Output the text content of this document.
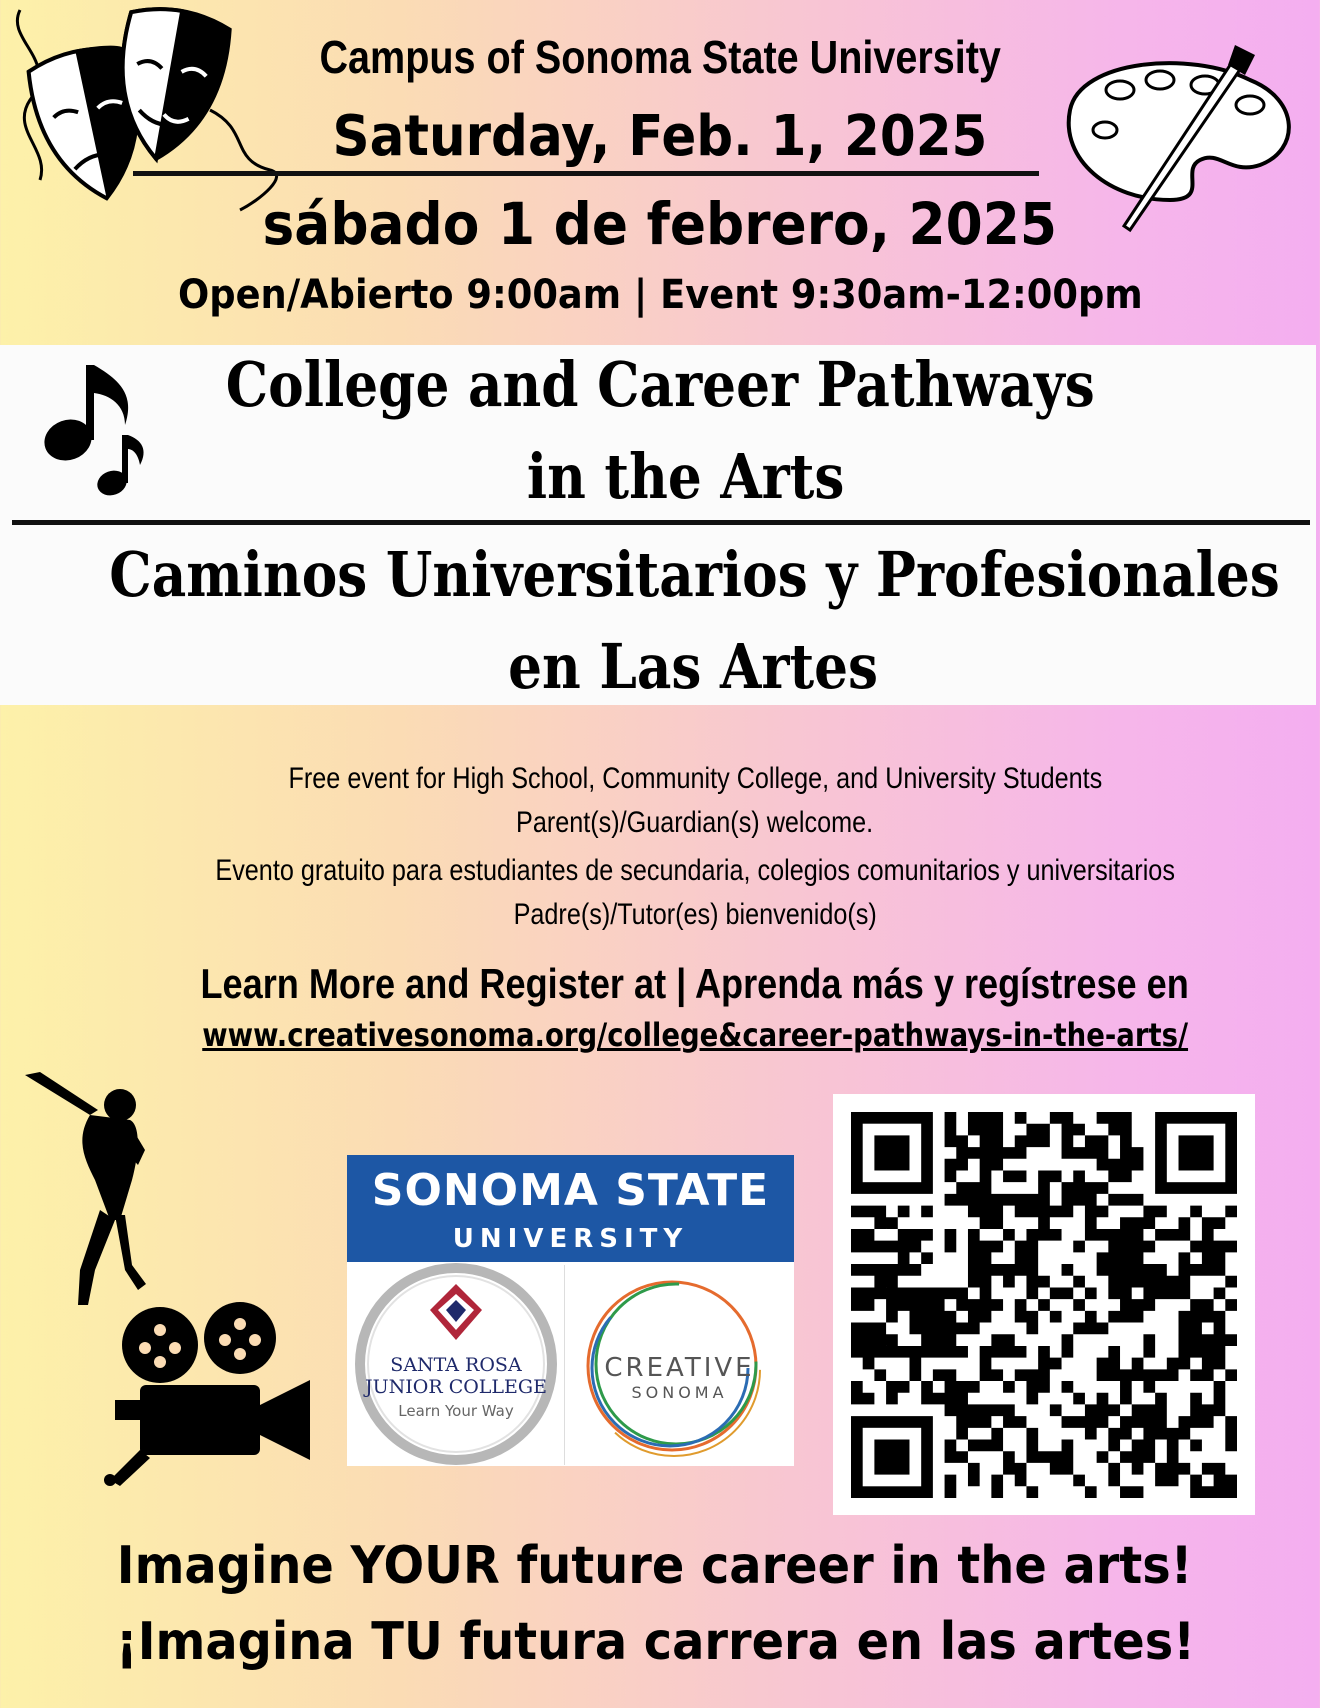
Campus of Sonoma State University
Saturday, Feb. 1, 2025
sábado 1 de febrero, 2025
Open/Abierto 9:00am | Event 9:30am-12:00pm
College and Career Pathways
in the Arts
Caminos Universitarios y Profesionales
en Las Artes
Free event for High School, Community College, and University Students
Parent(s)/Guardian(s) welcome.
Evento gratuito para estudiantes de secundaria, colegios comunitarios y universitarios
Padre(s)/Tutor(es) bienvenido(s)
Learn More and Register at | Aprenda más y regístrese en
www.creativesonoma.org/college&career-pathways-in-the-arts/
SONOMA STATE
UNIVERSITY
SANTA ROSA
JUNIOR COLLEGE
Learn Your Way
CREATIVE
SONOMA
Imagine YOUR future career in the arts!
¡Imagina TU futura carrera en las artes!
